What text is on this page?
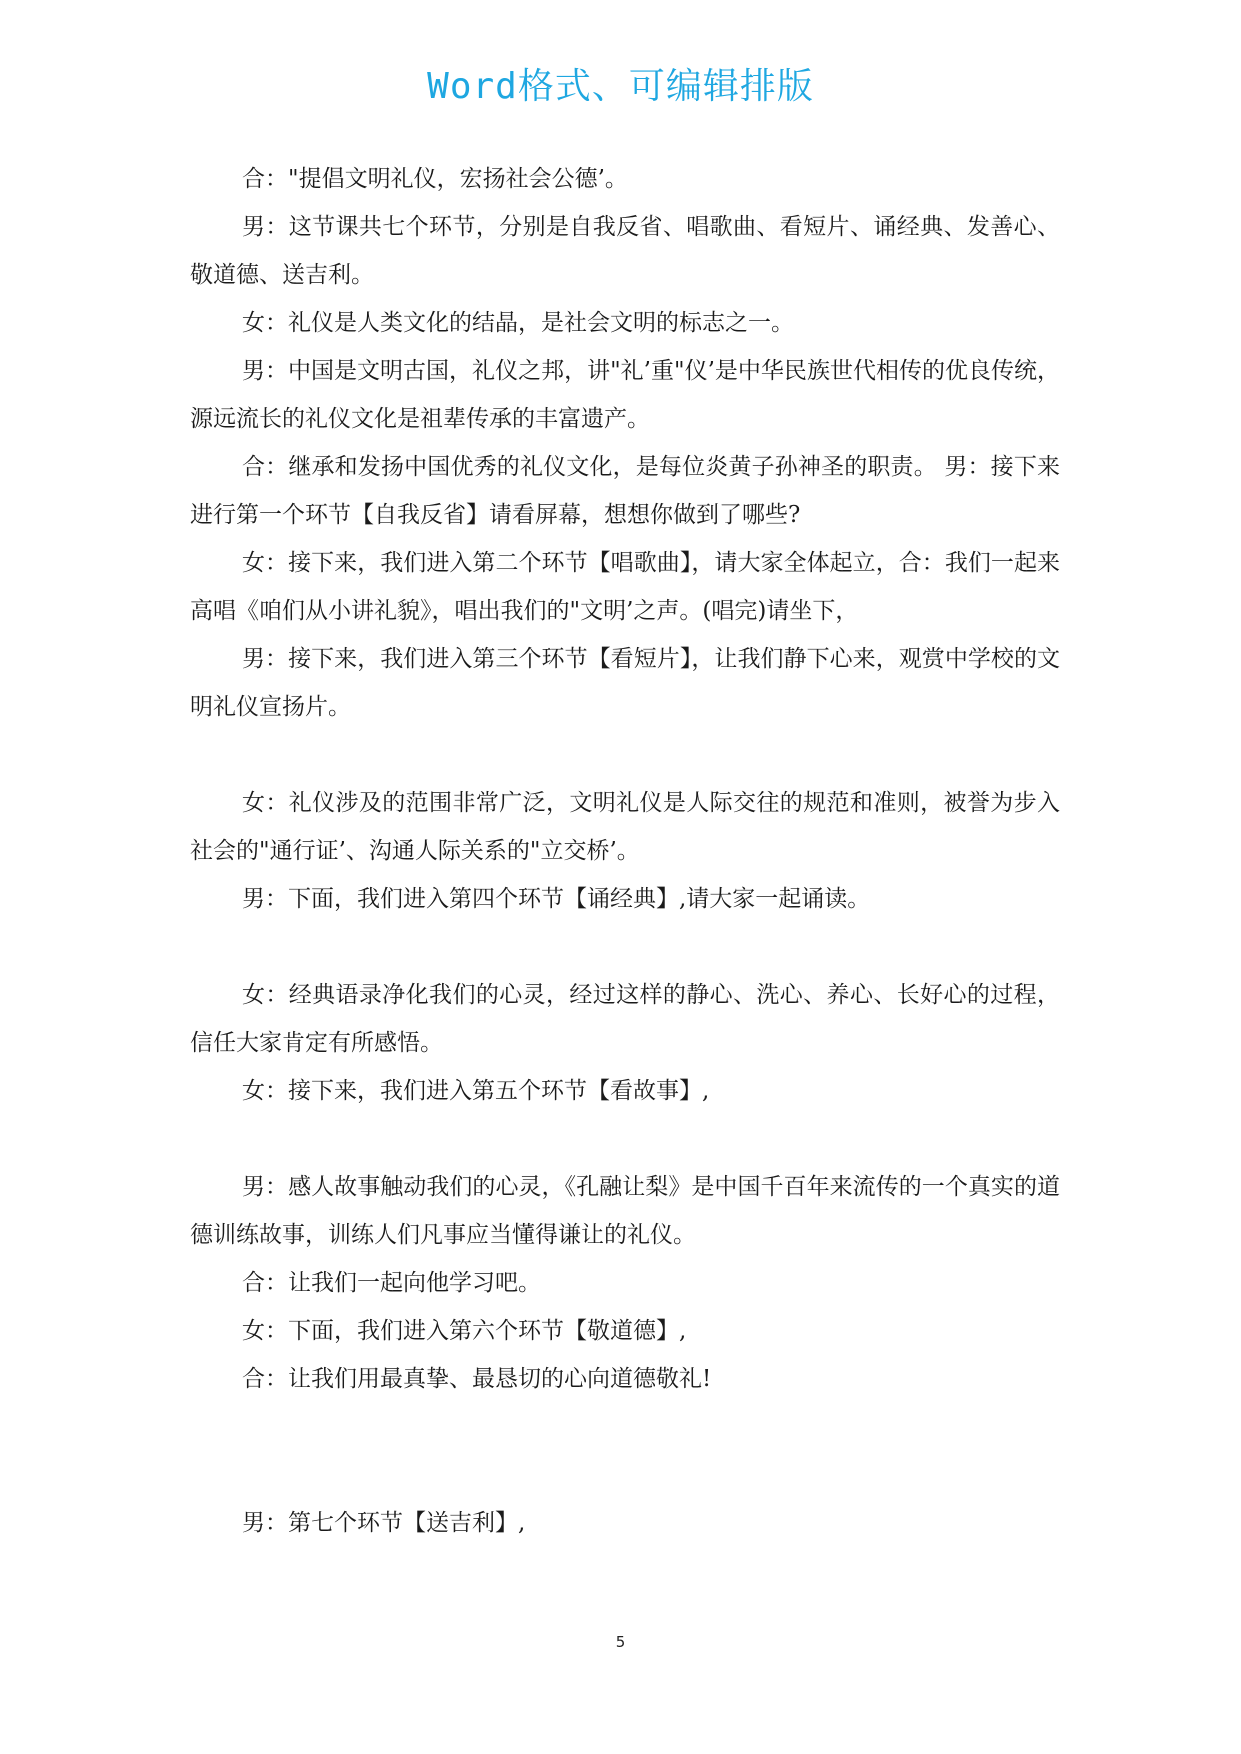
Word格式、可编辑排版

合："提倡文明礼仪，宏扬社会公德’。

男：这节课共七个环节，分别是自我反省、唱歌曲、看短片、诵经典、发善心、敬道德、送吉利。

女：礼仪是人类文化的结晶，是社会文明的标志之一。

男：中国是文明古国，礼仪之邦，讲"礼’重"仪’是中华民族世代相传的优良传统，源远流长的礼仪文化是祖辈传承的丰富遗产。

合：继承和发扬中国优秀的礼仪文化，是每位炎黄子孙神圣的职责。 男：接下来进行第一个环节【自我反省】请看屏幕，想想你做到了哪些?

女：接下来，我们进入第二个环节【唱歌曲】，请大家全体起立，合：我们一起来高唱《咱们从小讲礼貌》，唱出我们的"文明’之声。(唱完)请坐下，

男：接下来，我们进入第三个环节【看短片】，让我们静下心来，观赏中学校的文明礼仪宣扬片。

女：礼仪涉及的范围非常广泛，文明礼仪是人际交往的规范和准则，被誉为步入社会的"通行证’、沟通人际关系的"立交桥’。

男：下面，我们进入第四个环节【诵经典】,请大家一起诵读。

女：经典语录净化我们的心灵，经过这样的静心、洗心、养心、长好心的过程，信任大家肯定有所感悟。

女：接下来，我们进入第五个环节【看故事】,

男：感人故事触动我们的心灵，《孔融让梨》是中国千百年来流传的一个真实的道德训练故事，训练人们凡事应当懂得谦让的礼仪。

合：让我们一起向他学习吧。

女：下面，我们进入第六个环节【敬道德】,

合：让我们用最真挚、最恳切的心向道德敬礼!

男：第七个环节【送吉利】,

5
